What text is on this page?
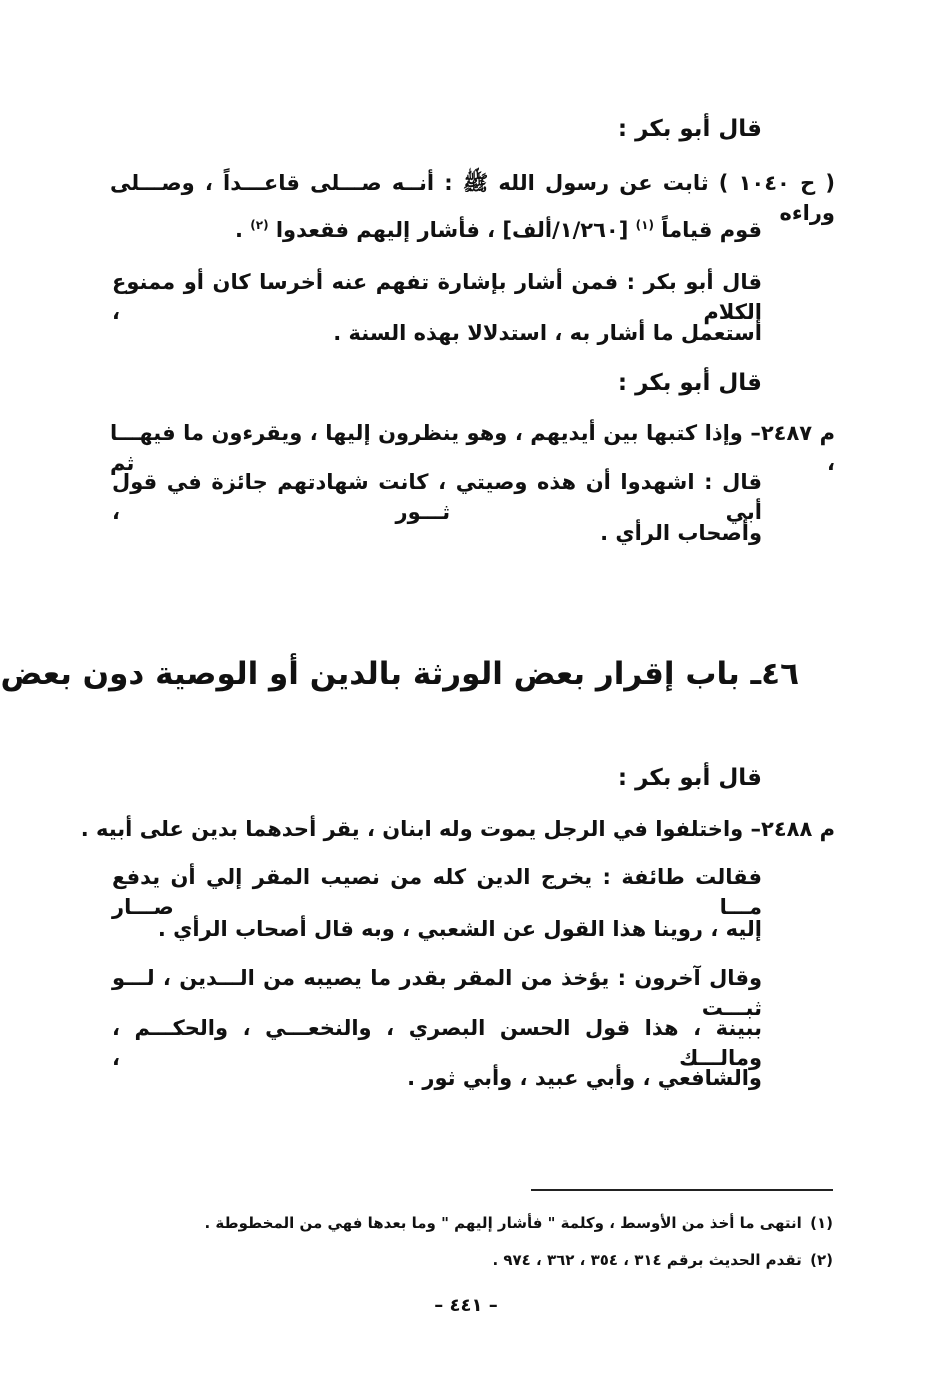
قال أبو بكر :
( ح ١٠٤٠ ) ثابت عن رسول الله ﷺ : أنــه صـــلى قاعـــداً ، وصـــلى وراءه
قوم قياماً $^{(١)}$ [١/٢٦٠/ألف] ، فأشار إليهم فقعدوا $^{(٢)}$ .
قال أبو بكر : فمن أشار بإشارة تفهم عنه أخرسا كان أو ممنوع الكلام ،
أستعمل ما أشار به ، استدلالا بهذه السنة .
قال أبو بكر :
م ٢٤٨٧– وإذا كتبها بين أيديهم ، وهو ينظرون إليها ، ويقرءون ما فيهـــا ، ثم
قال : اشهدوا أن هذه وصيتي ، كانت شهادتهم جائزة في قول أبي ثـــور ،
وأصحاب الرأي .
٤٦ـ باب إقرار بعض الورثة بالدين أو الوصية دون بعض
قال أبو بكر :
م ٢٤٨٨– واختلفوا في الرجل يموت وله ابنان ، يقر أحدهما بدين على أبيه .
فقالت طائفة : يخرج الدين كله من نصيب المقر إلي أن يدفع مـــا صـــار
إليه ، روينا هذا القول عن الشعبي ، وبه قال أصحاب الرأي .
وقال آخرون : يؤخذ من المقر بقدر ما يصيبه من الـــدين ، لـــو ثبـــت
ببينة ، هذا قول الحسن البصري ، والنخعـــي ، والحكـــم ، ومالـــك ،
والشافعي ، وأبي عبيد ، وأبي ثور .
(١) انتهى ما أخذ من الأوسط ، وكلمة " فأشار إليهم " وما بعدها فهي من المخطوطة .
(٢) تقدم الحديث برقم ٣١٤ ، ٣٥٤ ، ٣٦٢ ، ٩٧٤ .
– ٤٤١ –
